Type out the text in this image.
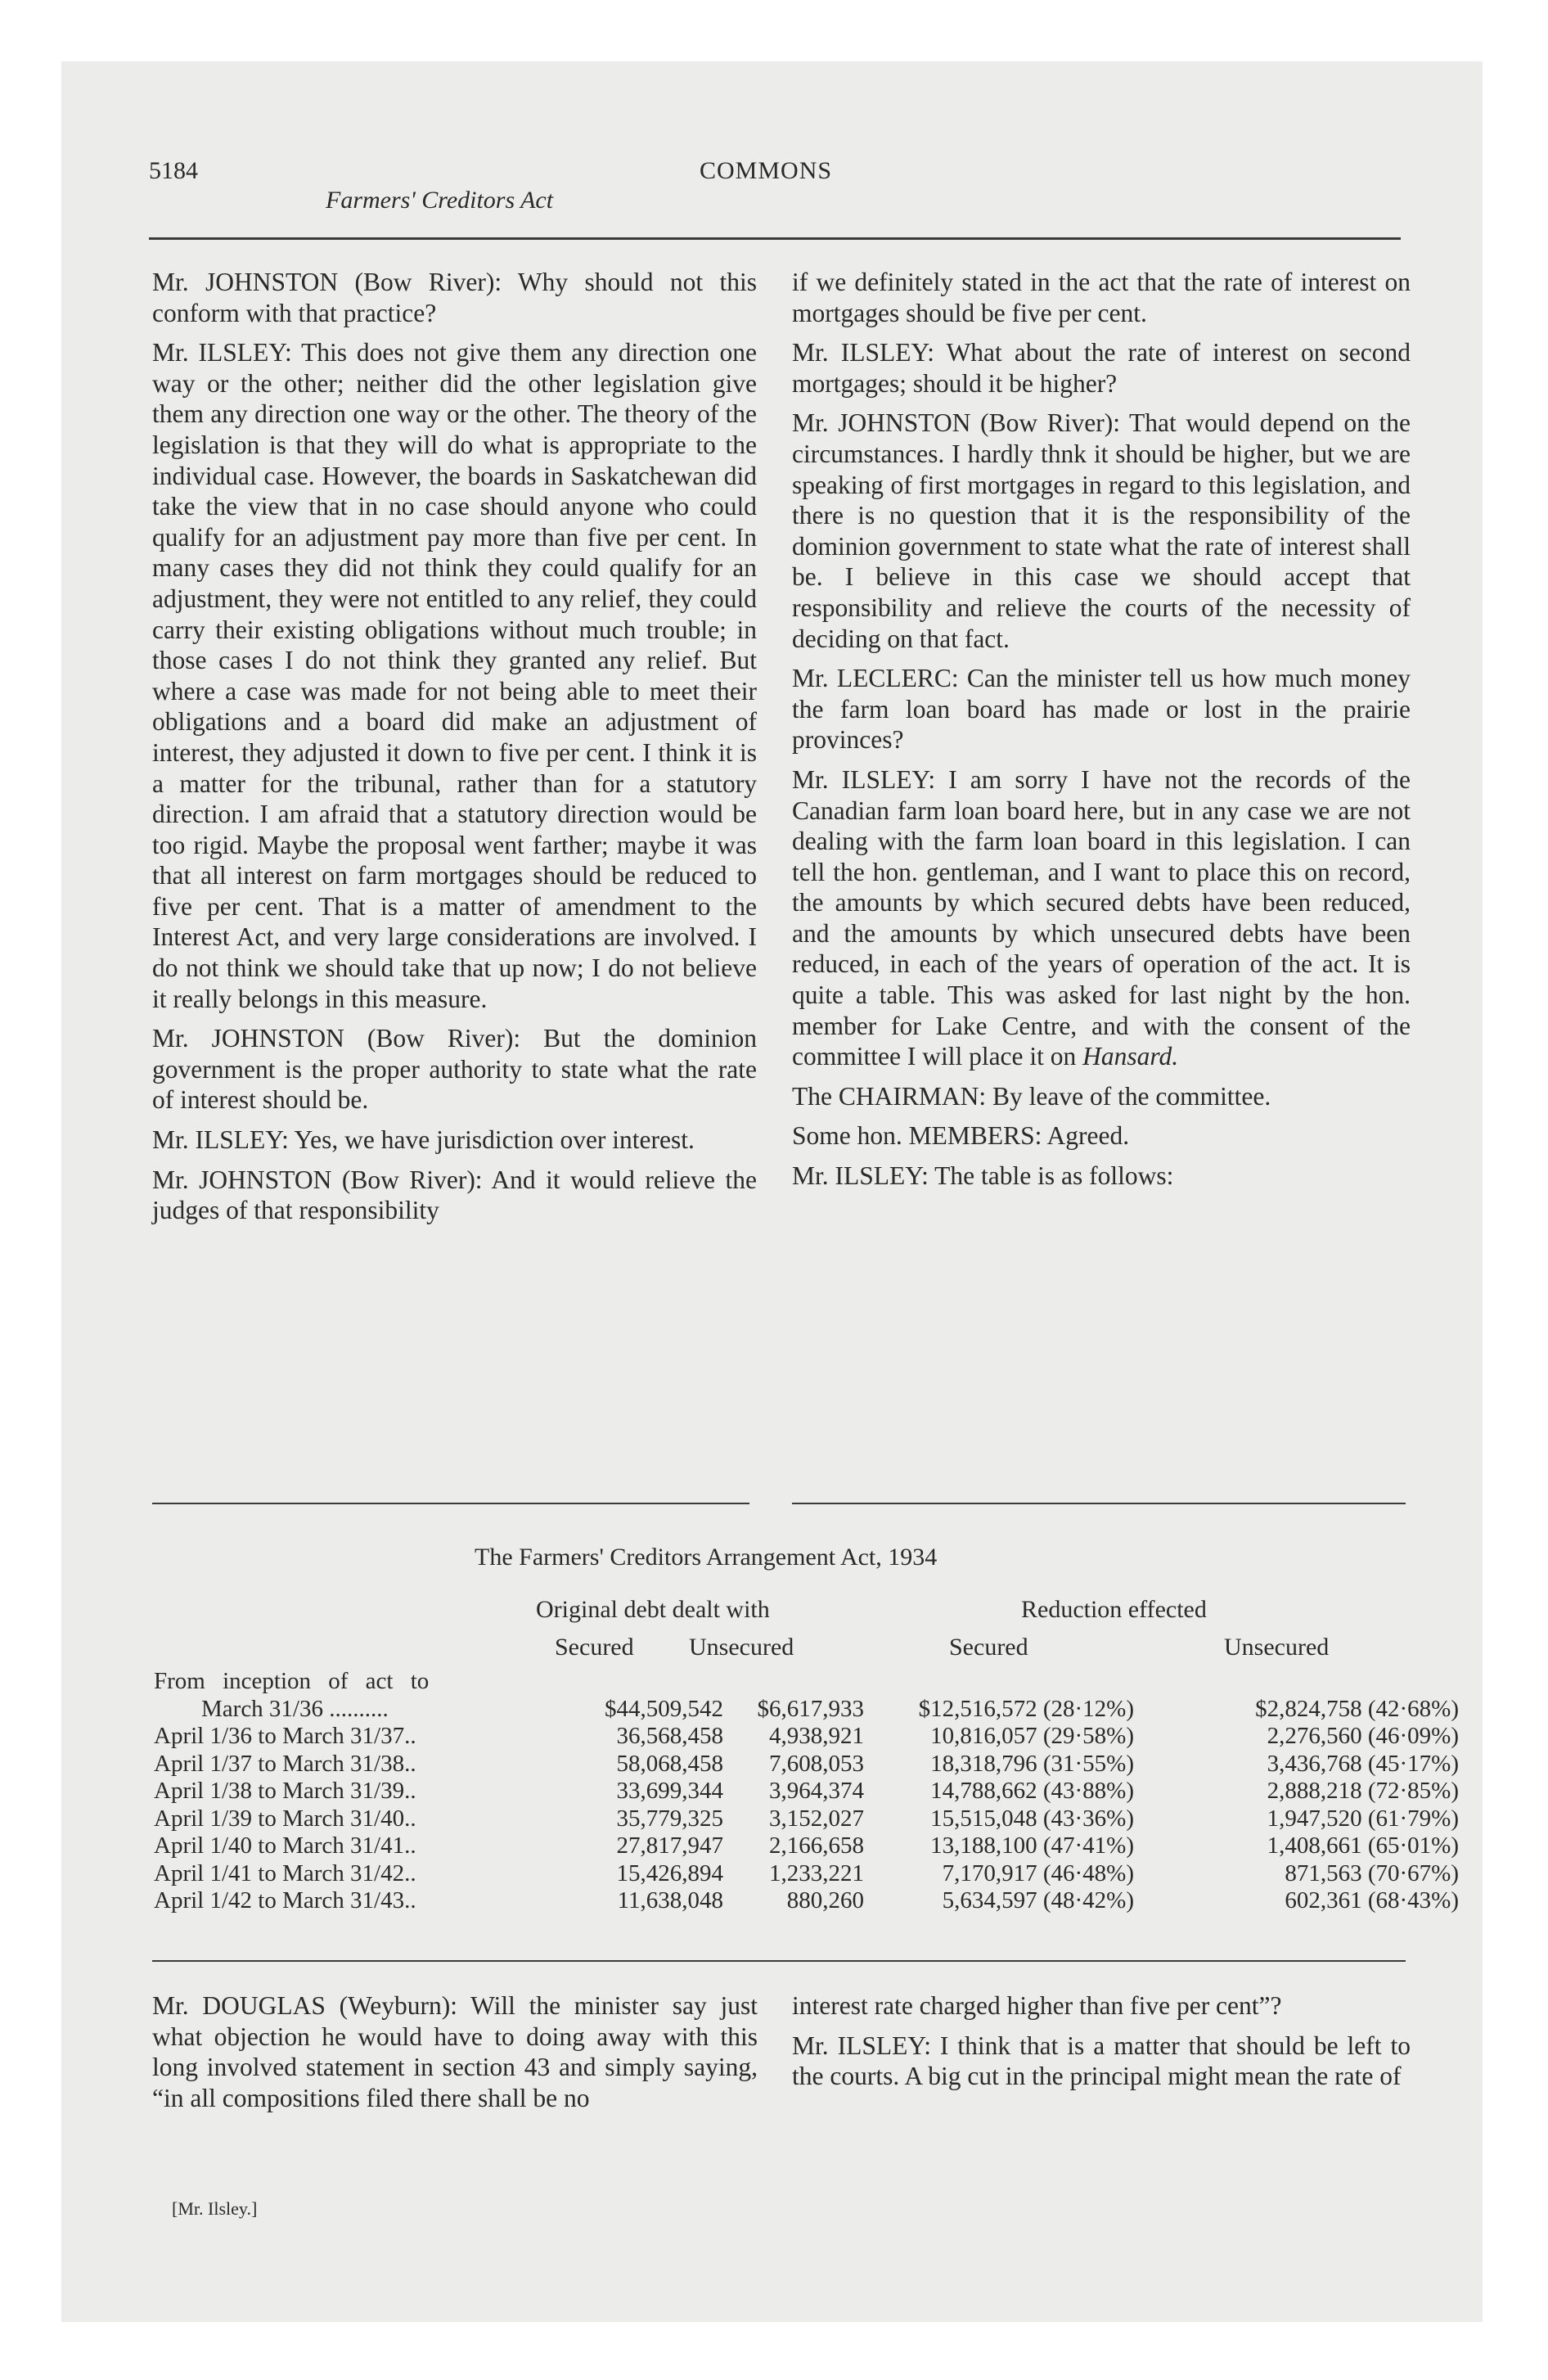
5184	COMMONS
Farmers' Creditors Act

Mr. JOHNSTON (Bow River): Why should not this conform with that practice?

Mr. ILSLEY: This does not give them any direction one way or the other; neither did the other legislation give them any direction one way or the other. The theory of the legislation is that they will do what is appropriate to the individual case. However, the boards in Saskatchewan did take the view that in no case should anyone who could qualify for an adjustment pay more than five per cent. In many cases they did not think they could qualify for an adjustment, they were not entitled to any relief, they could carry their existing obligations without much trouble; in those cases I do not think they granted any relief. But where a case was made for not being able to meet their obligations and a board did make an adjustment of interest, they adjusted it down to five per cent. I think it is a matter for the tribunal, rather than for a statutory direction. I am afraid that a statutory direction would be too rigid. Maybe the proposal went farther; maybe it was that all interest on farm mortgages should be reduced to five per cent. That is a matter of amendment to the Interest Act, and very large considerations are involved. I do not think we should take that up now; I do not believe it really belongs in this measure.

Mr. JOHNSTON (Bow River): But the dominion government is the proper authority to state what the rate of interest should be.

Mr. ILSLEY: Yes, we have jurisdiction over interest.

Mr. JOHNSTON (Bow River): And it would relieve the judges of that responsibility

if we definitely stated in the act that the rate of interest on mortgages should be five per cent.

Mr. ILSLEY: What about the rate of interest on second mortgages; should it be higher?

Mr. JOHNSTON (Bow River): That would depend on the circumstances. I hardly thnk it should be higher, but we are speaking of first mortgages in regard to this legislation, and there is no question that it is the responsibility of the dominion government to state what the rate of interest shall be. I believe in this case we should accept that responsibility and relieve the courts of the necessity of deciding on that fact.

Mr. LECLERC: Can the minister tell us how much money the farm loan board has made or lost in the prairie provinces?

Mr. ILSLEY: I am sorry I have not the records of the Canadian farm loan board here, but in any case we are not dealing with the farm loan board in this legislation. I can tell the hon. gentleman, and I want to place this on record, the amounts by which secured debts have been reduced, and the amounts by which unsecured debts have been reduced, in each of the years of operation of the act. It is quite a table. This was asked for last night by the hon. member for Lake Centre, and with the consent of the committee I will place it on Hansard.

The CHAIRMAN: By leave of the committee.

Some hon. MEMBERS: Agreed.

Mr. ILSLEY: The table is as follows:

The Farmers' Creditors Arrangement Act, 1934
Original debt dealt with	Reduction effected
Secured Unsecured	Secured	Unsecured
From inception of act to				
March 31/36 ..........	$44,509,542	$6,617,933	$12,516,572 (28·12%)	$2,824,758 (42·68%)
April 1/36 to March 31/37..	36,568,458	4,938,921	10,816,057 (29·58%)	2,276,560 (46·09%)
April 1/37 to March 31/38..	58,068,458	7,608,053	18,318,796 (31·55%)	3,436,768 (45·17%)
April 1/38 to March 31/39..	33,699,344	3,964,374	14,788,662 (43·88%)	2,888,218 (72·85%)
April 1/39 to March 31/40..	35,779,325	3,152,027	15,515,048 (43·36%)	1,947,520 (61·79%)
April 1/40 to March 31/41..	27,817,947	2,166,658	13,188,100 (47·41%)	1,408,661 (65·01%)
April 1/41 to March 31/42..	15,426,894	1,233,221	7,170,917 (46·48%)	871,563 (70·67%)
April 1/42 to March 31/43..	11,638,048	880,260	5,634,597 (48·42%)	602,361 (68·43%)

Mr. DOUGLAS (Weyburn): Will the minister say just what objection he would have to doing away with this long involved statement in section 43 and simply saying, “in all compositions filed there shall be no

interest rate charged higher than five per cent”?

Mr. ILSLEY: I think that is a matter that should be left to the courts. A big cut in the principal might mean the rate of

[Mr. Ilsley.]
